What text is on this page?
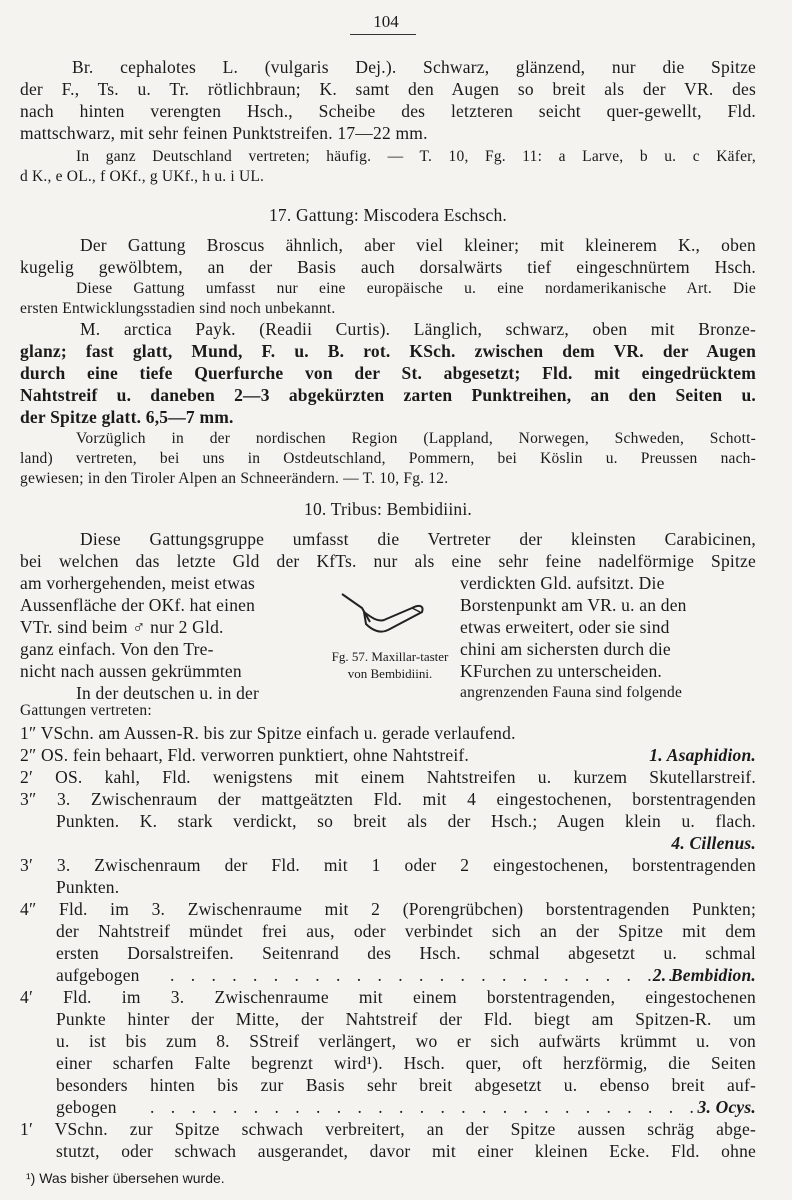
104
Br. cephalotes L. (vulgaris Dej.). Schwarz, glänzend, nur die Spitze
der F., Ts. u. Tr. rötlichbraun; K. samt den Augen so breit als der VR. des
nach hinten verengten Hsch., Scheibe des letzteren seicht quer-gewellt, Fld.
mattschwarz, mit sehr feinen Punktstreifen. 17—22 mm.
In ganz Deutschland vertreten; häufig. — T. 10, Fg. 11: a Larve, b u. c Käfer,
d K., e OL., f OKf., g UKf., h u. i UL.
17. Gattung: Miscodera Eschsch.
Der Gattung Broscus ähnlich, aber viel kleiner; mit kleinerem K., oben
kugelig gewölbtem, an der Basis auch dorsalwärts tief eingeschnürtem Hsch.
Diese Gattung umfasst nur eine europäische u. eine nordamerikanische Art. Die
ersten Entwicklungsstadien sind noch unbekannt.
M. arctica Payk. (Readii Curtis). Länglich, schwarz, oben mit Bronze-
glanz; fast glatt, Mund, F. u. B. rot. KSch. zwischen dem VR. der Augen
durch eine tiefe Querfurche von der St. abgesetzt; Fld. mit eingedrücktem
Nahtstreif u. daneben 2—3 abgekürzten zarten Punktreihen, an den Seiten u.
der Spitze glatt. 6,5—7 mm.
Vorzüglich in der nordischen Region (Lappland, Norwegen, Schweden, Schott-
land) vertreten, bei uns in Ostdeutschland, Pommern, bei Köslin u. Preussen nach-
gewiesen; in den Tiroler Alpen an Schneerändern. — T. 10, Fg. 12.
10. Tribus: Bembidiini.
Diese Gattungsgruppe umfasst die Vertreter der kleinsten Carabicinen,
bei welchen das letzte Gld der KfTs. nur als eine sehr feine nadelförmige Spitze
am vorhergehenden, meist etwas
Aussenfläche der OKf. hat einen
VTr. sind beim ♂ nur 2 Gld.
ganz einfach. Von den Tre-
nicht nach aussen gekrümmten
In der deutschen u. in der
verdickten Gld. aufsitzt. Die
Borstenpunkt am VR. u. an den
etwas erweitert, oder sie sind
chini am sichersten durch die
KFurchen zu unterscheiden.
angrenzenden Fauna sind folgende
Fg. 57. Maxillar-taster von Bembidiini.
Gattungen vertreten:
1″ VSchn. am Aussen-R. bis zur Spitze einfach u. gerade verlaufend.
2″ OS. fein behaart, Fld. verworren punktiert, ohne Nahtstreif.	1. Asaphidion.
2′ OS. kahl, Fld. wenigstens mit einem Nahtstreifen u. kurzem Skutellarstreif.
3″ 3. Zwischenraum der mattgeätzten Fld. mit 4 eingestochenen, borstentragenden
Punkten. K. stark verdickt, so breit als der Hsch.; Augen klein u. flach.
4. Cillenus.
3′ 3. Zwischenraum der Fld. mit 1 oder 2 eingestochenen, borstentragenden
Punkten.
4″ Fld. im 3. Zwischenraume mit 2 (Porengrübchen) borstentragenden Punkten;
der Nahtstreif mündet frei aus, oder verbindet sich an der Spitze mit dem
ersten Dorsalstreifen. Seitenrand des Hsch. schmal abgesetzt u. schmal
aufgebogen	. . . . . . . . . . . . . . . . . . . . . . . . .
2. Bembidion.
4′ Fld. im 3. Zwischenraume mit einem borstentragenden, eingestochenen
Punkte hinter der Mitte, der Nahtstreif der Fld. biegt am Spitzen-R. um
u. ist bis zum 8. SStreif verlängert, wo er sich aufwärts krümmt u. von
einer scharfen Falte begrenzt wird¹). Hsch. quer, oft herzförmig, die Seiten
besonders hinten bis zur Basis sehr breit abgesetzt u. ebenso breit auf-
gebogen	. . . . . . . . . . . . . . . . . . . . . . . . . . .
3. Ocys.
1′ VSchn. zur Spitze schwach verbreitert, an der Spitze aussen schräg abge-
stutzt, oder schwach ausgerandet, davor mit einer kleinen Ecke. Fld. ohne
¹) Was bisher übersehen wurde.
